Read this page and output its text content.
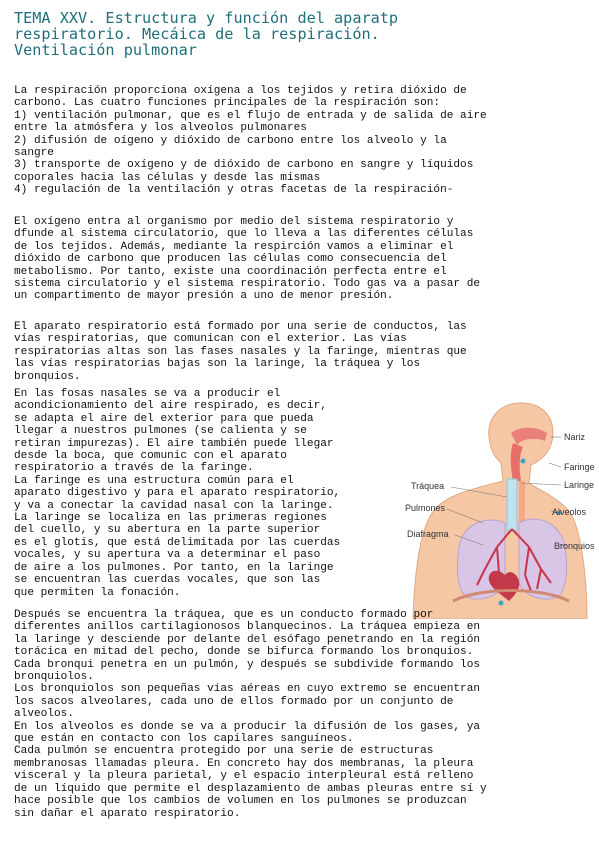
TEMA XXV. Estructura y función del aparatp
respiratorio. Mecáica de la respiración.
Ventilación pulmonar

La respiración proporciona oxígena a los tejidos y retira dióxido de
carbono. Las cuatro funciones principales de la respiración son:
1) ventilación pulmonar, que es el flujo de entrada y de salida de aire
entre la atmósfera y los alveolos pulmonares
2) difusión de oígeno y dióxido de carbono entre los alveolo y la
sangre
3) transporte de oxígeno y de dióxido de carbono en sangre y líquidos
coporales hacia las células y desde las mismas
4) regulación de la ventilación y otras facetas de la respiración-

El oxígeno entra al organismo por medio del sistema respiratorio y
dfunde al sistema circulatorio, que lo lleva a las diferentes células
de los tejidos. Además, mediante la respirción vamos a eliminar el
dióxido de carbono que producen las células como consecuencia del
metabolismo. Por tanto, existe una coordinación perfecta entre el
sistema circulatorio y el sistema respiratorio. Todo gas va a pasar de
un compartimento de mayor presión a uno de menor presión.

El aparato respiratorio está formado por una serie de conductos, las
vías respiratorias, que comunican con el exterior. Las vías
respiratorias altas son las fases nasales y la faringe, mientras que
las vías respiratorias bajas son la laringe, la tráquea y los
bronquios.

En las fosas nasales se va a producir el
acondicionamiento del aire respirado, es decir,
se adapta el aire del exterior para que pueda
llegar a nuestros pulmones (se calienta y se
retiran impurezas). El aire también puede llegar
desde la boca, que comunic con el aparato
respiratorio a través de la faringe.
La faringe es una estructura común para el
aparato digestivo y para el aparato respiratorio,
y va a conectar la cavidad nasal con la laringe.
La laringe se localiza en las primeras regiones
del cuello, y su abertura en la parte superior
es el glotis, que está delimitada por las cuerdas
vocales, y su apertura va a determinar el paso
de aire a los pulmones. Por tanto, en la laringe
se encuentran las cuerdas vocales, que son las
que permiten la fonación.

Nariz
Faringe
Laringe
Tráquea
Pulmones	Alveolos
Diafragma
Bronquios

Después se encuentra la tráquea, que es un conducto formado por
diferentes anillos cartilagionosos blanquecinos. La tráquea empieza en
la laringe y desciende por delante del esófago penetrando en la región
torácica en mitad del pecho, donde se bifurca formando los bronquios.
Cada bronqui penetra en un pulmón, y después se subdivide formando los
bronquiolos.
Los bronquiolos son pequeñas vías aéreas en cuyo extremo se encuentran
los sacos alveolares, cada uno de ellos formado por un conjunto de
alveolos.
En los alveolos es donde se va a producir la difusión de los gases, ya
que están en contacto con los capilares sanguíneos.
Cada pulmón se encuentra protegido por una serie de estructuras
membranosas llamadas pleura. En concreto hay dos membranas, la pleura
visceral y la pleura parietal, y el espacio interpleural está relleno
de un líquido que permite el desplazamiento de ambas pleuras entre sí y
hace posible que los cambios de volumen en los pulmones se produzcan
sin dañar el aparato respiratorio.
